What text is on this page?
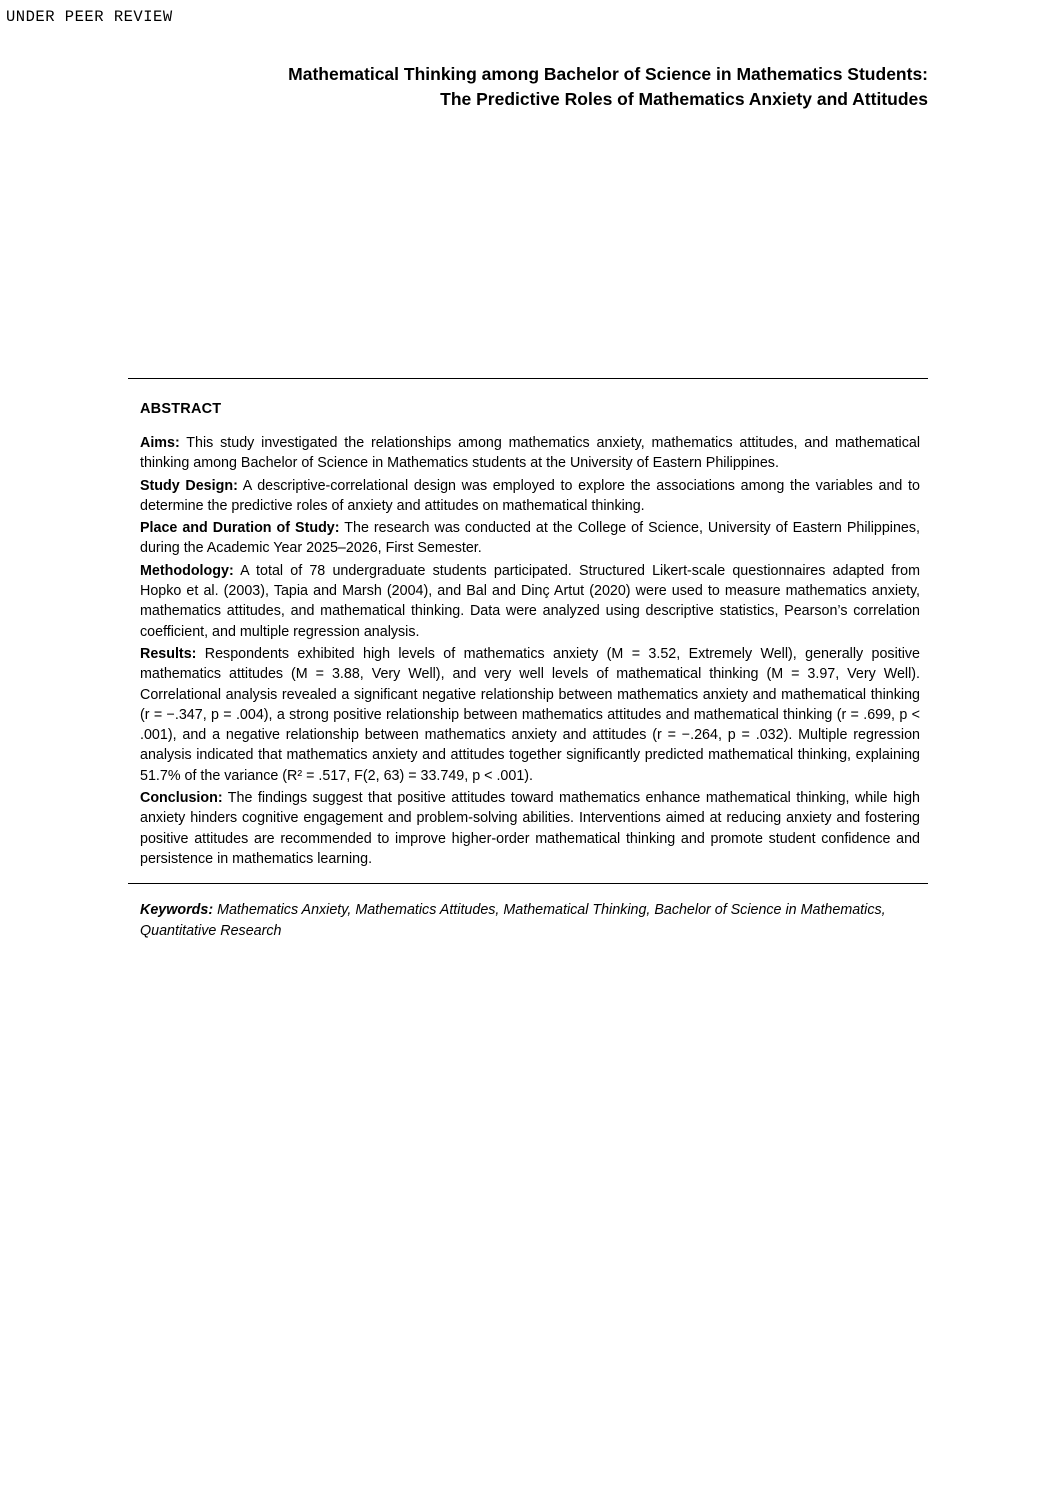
UNDER PEER REVIEW
Mathematical Thinking among Bachelor of Science in Mathematics Students:
The Predictive Roles of Mathematics Anxiety and Attitudes
ABSTRACT

Aims: This study investigated the relationships among mathematics anxiety, mathematics attitudes, and mathematical thinking among Bachelor of Science in Mathematics students at the University of Eastern Philippines.

Study Design: A descriptive-correlational design was employed to explore the associations among the variables and to determine the predictive roles of anxiety and attitudes on mathematical thinking.

Place and Duration of Study: The research was conducted at the College of Science, University of Eastern Philippines, during the Academic Year 2025–2026, First Semester.

Methodology: A total of 78 undergraduate students participated. Structured Likert-scale questionnaires adapted from Hopko et al. (2003), Tapia and Marsh (2004), and Bal and Dinç Artut (2020) were used to measure mathematics anxiety, mathematics attitudes, and mathematical thinking. Data were analyzed using descriptive statistics, Pearson’s correlation coefficient, and multiple regression analysis.

Results: Respondents exhibited high levels of mathematics anxiety (M = 3.52, Extremely Well), generally positive mathematics attitudes (M = 3.88, Very Well), and very well levels of mathematical thinking (M = 3.97, Very Well). Correlational analysis revealed a significant negative relationship between mathematics anxiety and mathematical thinking (r = −.347, p = .004), a strong positive relationship between mathematics attitudes and mathematical thinking (r = .699, p < .001), and a negative relationship between mathematics anxiety and attitudes (r = −.264, p = .032). Multiple regression analysis indicated that mathematics anxiety and attitudes together significantly predicted mathematical thinking, explaining 51.7% of the variance (R² = .517, F(2, 63) = 33.749, p < .001).

Conclusion: The findings suggest that positive attitudes toward mathematics enhance mathematical thinking, while high anxiety hinders cognitive engagement and problem-solving abilities. Interventions aimed at reducing anxiety and fostering positive attitudes are recommended to improve higher-order mathematical thinking and promote student confidence and persistence in mathematics learning.

Keywords: Mathematics Anxiety, Mathematics Attitudes, Mathematical Thinking, Bachelor of Science in Mathematics, Quantitative Research
